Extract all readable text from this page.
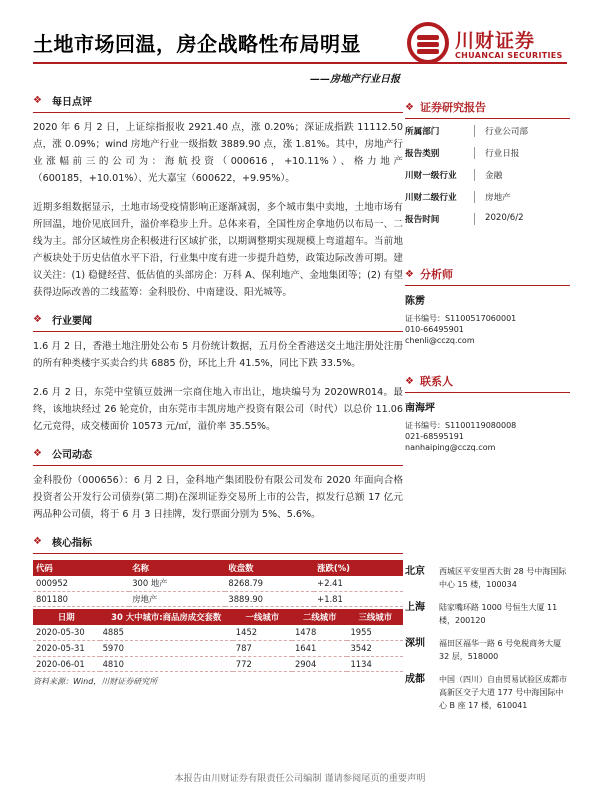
土地市场回温，房企战略性布局明显	川财证券
CHUANCAI SECURITIES
——房地产行业日报
❖ 每日点评

2020 年 6 月 2 日，上证综指报收 2921.40 点，涨 0.20%；深证成指跌 11112.50 点，涨 0.09%；wind 房地产行业一级指数 3889.90 点，涨 1.81%。其中，房地产行业涨幅前三的公司为：海航投资（000616，+10.11%）、格力地产（600185，+10.01%）、光大嘉宝（600622，+9.95%）。

近期多组数据显示，土地市场受疫情影响正逐渐减弱，多个城市集中卖地，土地市场有所回温，地价见底回升，溢价率稳步上升。总体来看，全国性房企拿地仍以布局一、二线为主。部分区域性房企积极进行区域扩张，以期调整期实现规模上弯道超车。当前地产板块处于历史估值水平下沿，行业集中度有进一步提升趋势，政策边际改善可期。建议关注：(1) 稳健经营、低估值的头部房企：万科 A、保利地产、金地集团等；(2) 有望获得边际改善的二线蓝筹：金科股份、中南建设、阳光城等。

❖ 行业要闻

1.6 月 2 日，香港土地注册处公布 5 月份统计数据，五月份全香港送交土地注册处注册的所有种类楼宇买卖合约共 6885 份，环比上升 41.5%，同比下跌 33.5%。

2.6 月 2 日，东莞中堂镇豆鼓洲一宗商住地入市出让，地块编号为 2020WR014。最终，该地块经过 26 轮竞价，由东莞市丰凯房地产投资有限公司（时代）以总价 11.06 亿元竞得，成交楼面价 10573 元/㎡，溢价率 35.55%。

❖ 公司动态

金科股份（000656）：6 月 2 日，金科地产集团股份有限公司发布 2020 年面向合格投资者公开发行公司债券(第二期)在深圳证券交易所上市的公告，拟发行总额 17 亿元两品种公司债，将于 6 月 3 日挂牌，发行票面分别为 5%、5.6%。

❖ 核心指标
代码	名称	收盘数	涨跌(%)
000952	300 地产	8268.79	+2.41
801180	房地产	3889.90	+1.81
日期	30 大中城市:商品房成交套数	一线城市	二线城市	三线城市
2020-05-30	4885	1452	1478	1955
2020-05-31	5970	787	1641	3542
2020-06-01	4810	772	2904	1134
资料来源：Wind，川财证券研究所
❖ 证券研究报告
所属部门	行业公司部
报告类别	行业日报
川财一级行业	金融
川财二级行业	房地产
报告时间	2020/6/2
❖ 分析师
陈雳
证书编号：S1100517060001
010-66495901
chenli@cczq.com
❖ 联系人
南海坪
证书编号：S1100119080008
021-68595191
nanhaiping@cczq.com
北京	西城区平安里西大街 28 号中海国际中心 15 楼，100034
上海	陆家嘴环路 1000 号恒生大厦 11 楼，200120
深圳	福田区福华一路 6 号免税商务大厦 32 层，518000
成都	中国（四川）自由贸易试验区成都市高新区交子大道 177 号中海国际中心 B 座 17 楼，610041
本报告由川财证券有限责任公司编制 谨请参阅尾页的重要声明
